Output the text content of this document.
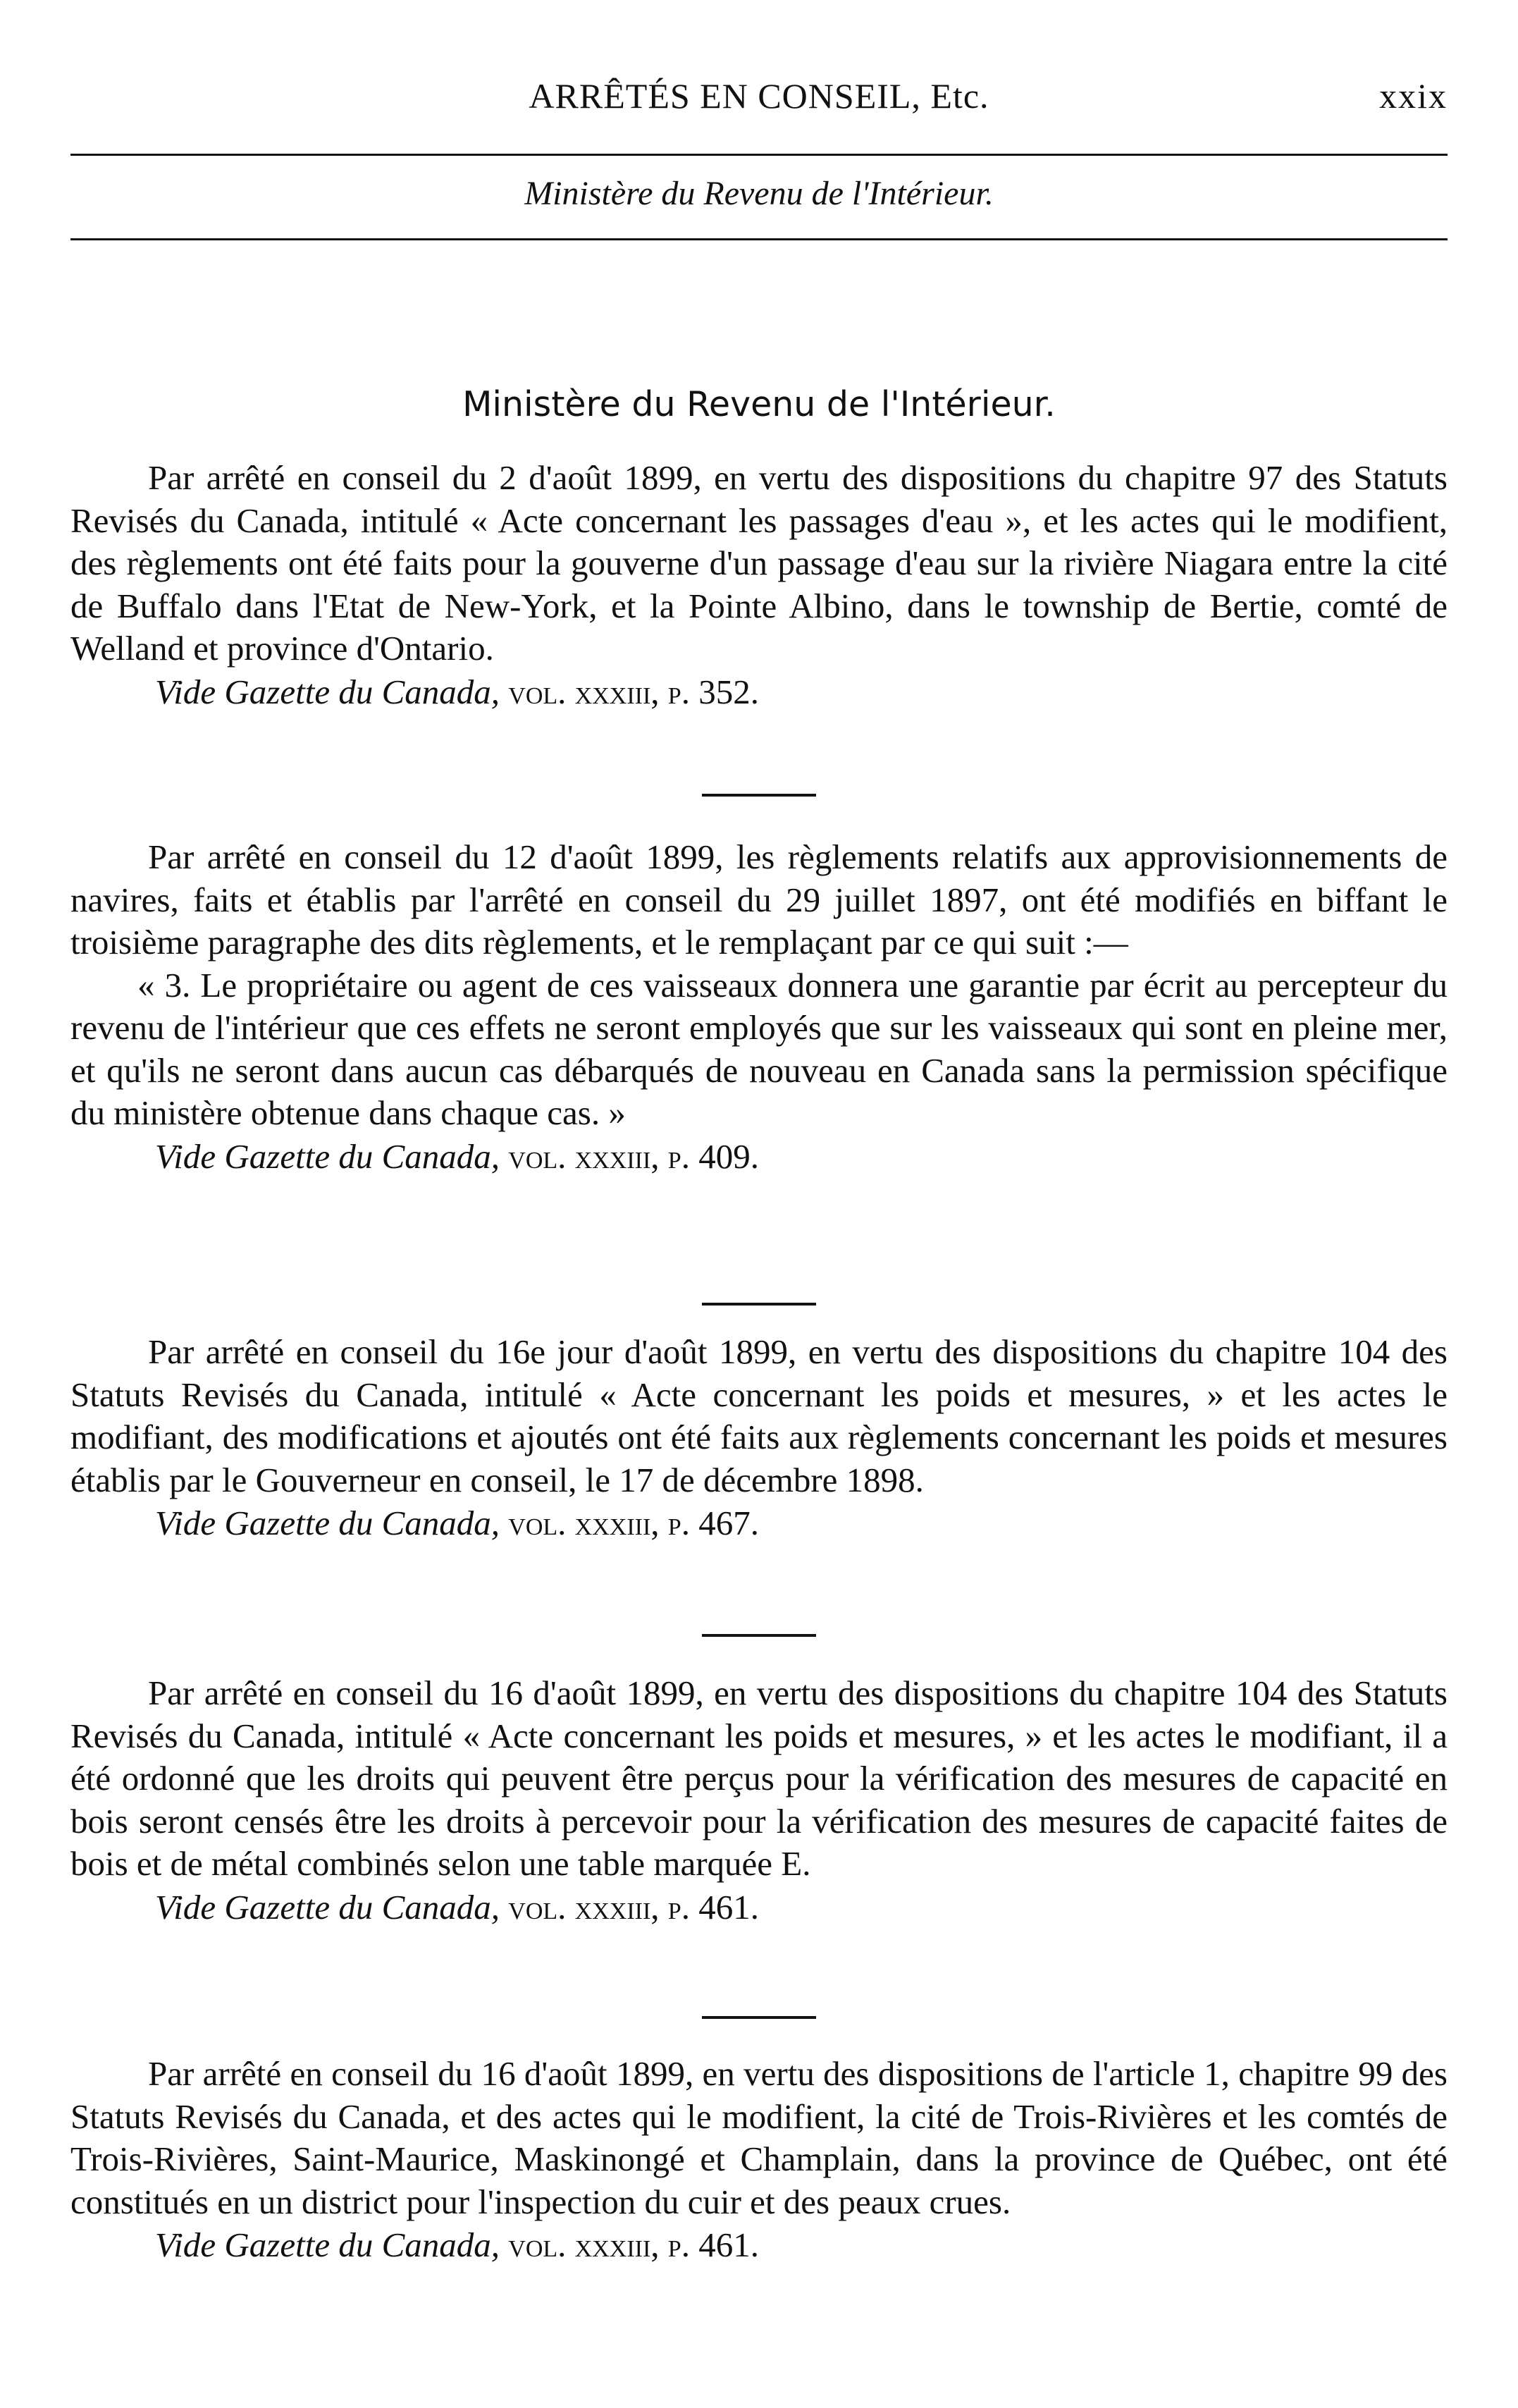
ARRÊTÉS EN CONSEIL, Etc.	xxix
Ministère du Revenu de l'Intérieur.
Ministère du Revenu de l'Intérieur.

Par arrêté en conseil du 2 d'août 1899, en vertu des dispositions du chapitre 97 des Statuts Revisés du Canada, intitulé « Acte concernant les passages d'eau », et les actes qui le modifient, des règlements ont été faits pour la gouverne d'un passage d'eau sur la rivière Niagara entre la cité de Buffalo dans l'Etat de New-York, et la Pointe Albino, dans le township de Bertie, comté de Welland et province d'Ontario.

Vide Gazette du Canada, vol. xxxiii, p. 352.

Par arrêté en conseil du 12 d'août 1899, les règlements relatifs aux approvisionnements de navires, faits et établis par l'arrêté en conseil du 29 juillet 1897, ont été modifiés en biffant le troisième paragraphe des dits règlements, et le remplaçant par ce qui suit :—

« 3. Le propriétaire ou agent de ces vaisseaux donnera une garantie par écrit au percepteur du revenu de l'intérieur que ces effets ne seront employés que sur les vaisseaux qui sont en pleine mer, et qu'ils ne seront dans aucun cas débarqués de nouveau en Canada sans la permission spécifique du ministère obtenue dans chaque cas. »

Vide Gazette du Canada, vol. xxxiii, p. 409.

Par arrêté en conseil du 16e jour d'août 1899, en vertu des dispositions du chapitre 104 des Statuts Revisés du Canada, intitulé « Acte concernant les poids et mesures, » et les actes le modifiant, des modifications et ajoutés ont été faits aux règlements concernant les poids et mesures établis par le Gouverneur en conseil, le 17 de décembre 1898.

Vide Gazette du Canada, vol. xxxiii, p. 467.

Par arrêté en conseil du 16 d'août 1899, en vertu des dispositions du chapitre 104 des Statuts Revisés du Canada, intitulé « Acte concernant les poids et mesures, » et les actes le modifiant, il a été ordonné que les droits qui peuvent être perçus pour la vérification des mesures de capacité en bois seront censés être les droits à percevoir pour la vérification des mesures de capacité faites de bois et de métal combinés selon une table marquée E.

Vide Gazette du Canada, vol. xxxiii, p. 461.

Par arrêté en conseil du 16 d'août 1899, en vertu des dispositions de l'article 1, chapitre 99 des Statuts Revisés du Canada, et des actes qui le modifient, la cité de Trois-Rivières et les comtés de Trois-Rivières, Saint-Maurice, Maskinongé et Champlain, dans la province de Québec, ont été constitués en un district pour l'inspection du cuir et des peaux crues.

Vide Gazette du Canada, vol. xxxiii, p. 461.
